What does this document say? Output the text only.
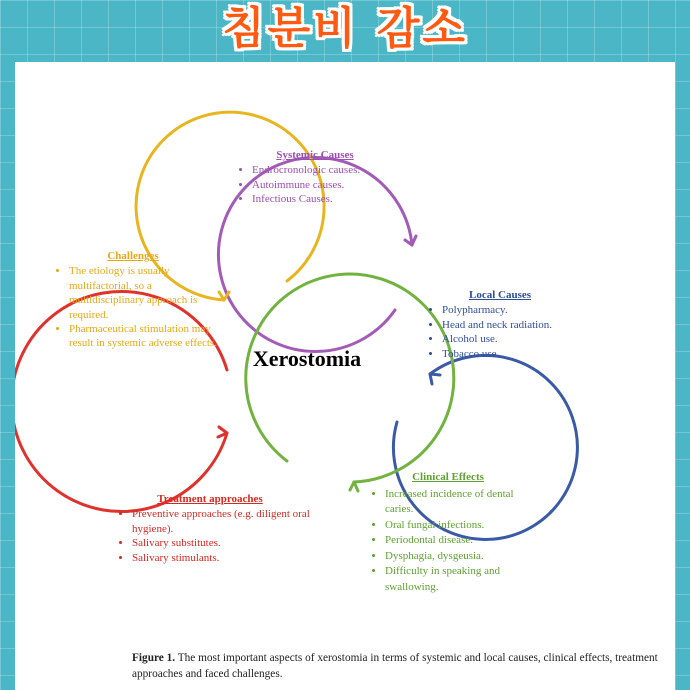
침분비 감소
Xerostomia
Systemic Causes
• Endrocronologic causes.
• Autoimmune causes.
• Infectious Causes.
Local Causes
• Polypharmacy.
• Head and neck radiation.
• Alcohol use.
• Tobacco use.
Clinical Effects
• Increased incidence of dental caries.
• Oral fungal infections.
• Periodontal disease.
• Dysphagia, dysgeusia.
• Difficulty in speaking and swallowing.
Treatment approaches
• Preventive approaches (e.g. diligent oral hygiene).
• Salivary substitutes.
• Salivary stimulants.
Challenges
• The etiology is usually multifactorial, so a multidisciplinary approach is required.
• Pharmaceutical stimulation may result in systemic adverse effects.
Figure 1. The most important aspects of xerostomia in terms of systemic and local causes, clinical effects, treatment approaches and faced challenges.
